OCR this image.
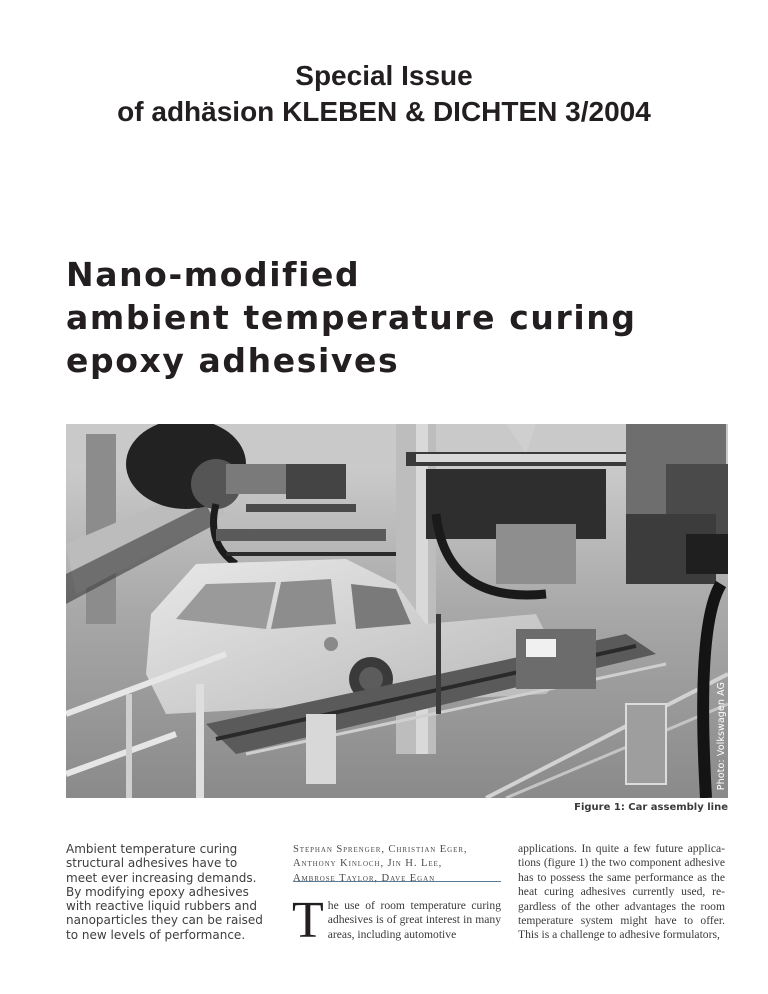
Special Issue
of adhäsion KLEBEN & DICHTEN 3/2004
Nano-modified
ambient temperature curing
epoxy adhesives
Photo: Volkswagen AG
Figure 1: Car assembly line
Ambient temperature curing
structural adhesives have to
meet ever increasing demands.
By modifying epoxy adhesives
with reactive liquid rubbers and
nanoparticles they can be raised
to new levels of performance.
Stephan Sprenger, Christian Eger,
Anthony Kinloch, Jin H. Lee,
Ambrose Taylor, Dave Egan
T he use of room temperature curing adhesives is of great interest in many areas, including automotive
applications. In quite a few future applica-
tions (figure 1) the two component adhesive
has to possess the same performance as the
heat curing adhesives currently used, re-
gardless of the other advantages the room
temperature system might have to offer.
This is a challenge to adhesive formulators,
